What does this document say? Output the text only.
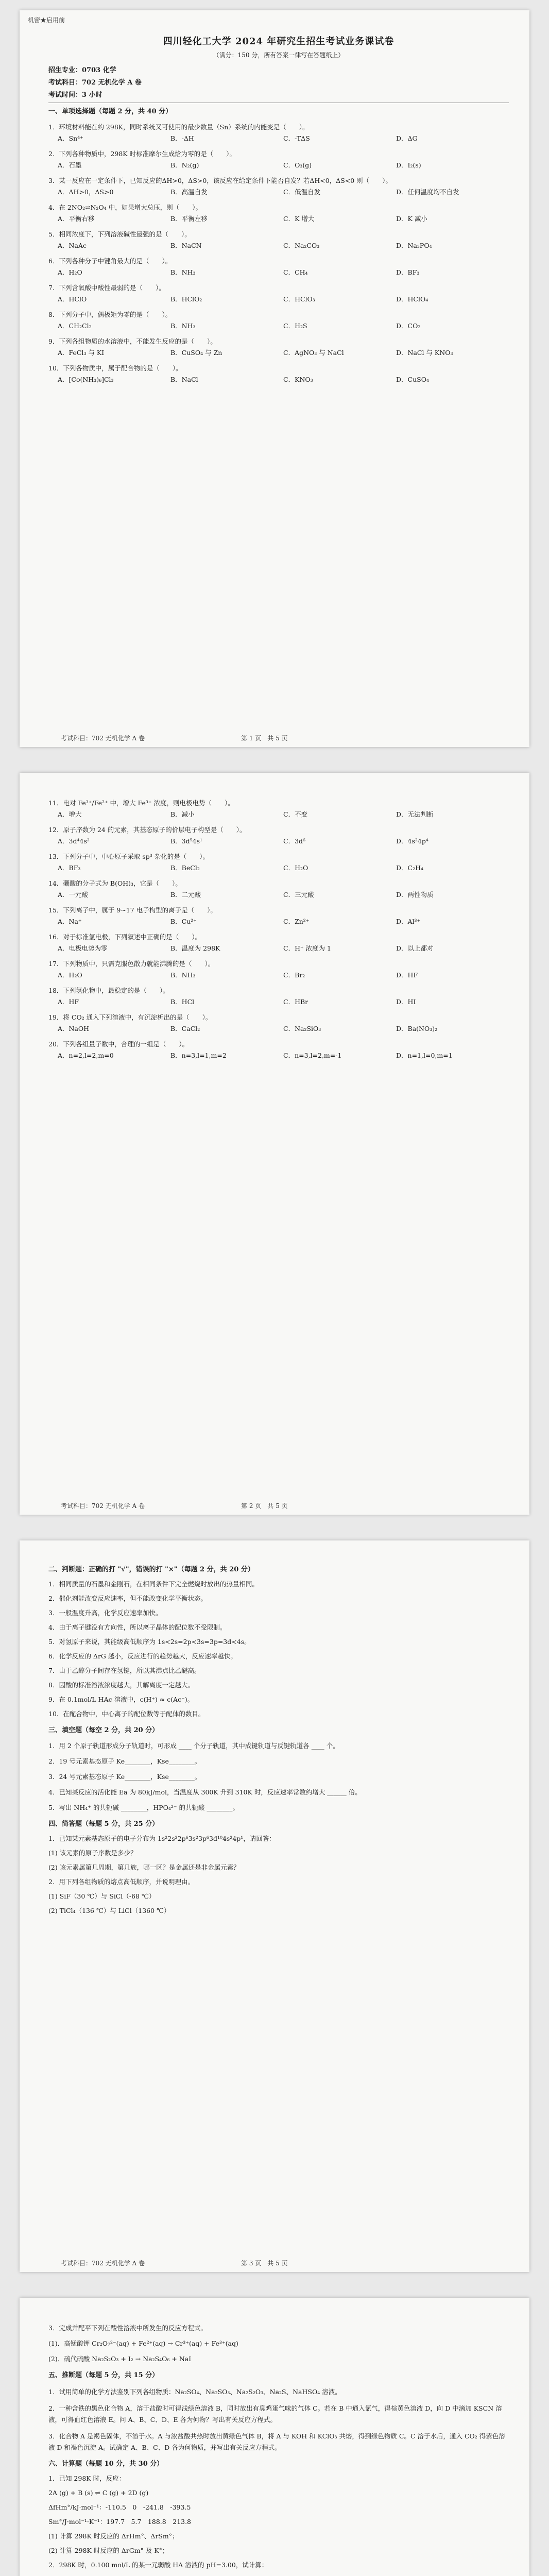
机密★启用前
四川轻化工大学 2024 年研究生招生考试业务课试卷
（满分：150 分，所有答案一律写在答题纸上）
招生专业：0703 化学
考试科目：702 无机化学 A 卷
考试时间：3 小时
一、单项选择题（每题 2 分，共 40 分）
1．环境材料能在约 298K，同时系统又可使用的最少数量（Sn）系统的内能变是（　　）。
A．Sn⁴⁺	B．-ΔH	C．-TΔS	D．ΔG
2．下列各种物质中，298K 时标准摩尔生成焓为零的是（　　）。
A．石墨	B．N₂(g)	C．O₃(g)	D．I₂(s)
3．某一反应在一定条件下，已知反应的ΔH>0，ΔS>0，该反应在给定条件下能否自发？若ΔH<0，ΔS<0 则（　　）。
A．ΔH>0，ΔS>0	B．高温自发	C．低温自发	D．任何温度均不自发
4．在 2NO₂⇌N₂O₄ 中，如果增大总压，则（　　）。
A．平衡右移	B．平衡左移	C．K 增大	D．K 减小
5．相同浓度下，下列溶液碱性最强的是（　　）。
A．NaAc	B．NaCN	C．Na₂CO₃	D．Na₃PO₄
6．下列各种分子中键角最大的是（　　）。
A．H₂O	B．NH₃	C．CH₄	D．BF₃
7．下列含氧酸中酸性最弱的是（　　）。
A．HClO	B．HClO₂	C．HClO₃	D．HClO₄
8．下列分子中，偶极矩为零的是（　　）。
A．CH₂Cl₂	B．NH₃	C．H₂S	D．CO₂
9．下列各组物质的水溶液中，不能发生反应的是（　　）。
A．FeCl₃ 与 KI	B．CuSO₄ 与 Zn	C．AgNO₃ 与 NaCl	D．NaCl 与 KNO₃
10．下列各物质中，属于配合物的是（　　）。
A．[Co(NH₃)₆]Cl₃	B．NaCl	C．KNO₃	D．CuSO₄
考试科目：702 无机化学 A 卷	第 1 页　共 5 页
11．电对 Fe³⁺/Fe²⁺ 中，增大 Fe³⁺ 浓度，则电极电势（　　）。
A．增大	B．减小	C．不变	D．无法判断
12．原子序数为 24 的元素，其基态原子的价层电子构型是（　　）。
A．3d⁴4s²	B．3d⁵4s¹	C．3d⁶	D．4s²4p⁴
13．下列分子中，中心原子采取 sp³ 杂化的是（　　）。
A．BF₃	B．BeCl₂	C．H₂O	D．C₂H₄
14．硼酸的分子式为 B(OH)₃，它是（　　）。
A．一元酸	B．二元酸	C．三元酸	D．两性物质
15．下列离子中，属于 9~17 电子构型的离子是（　　）。
A．Na⁺	B．Cu²⁺	C．Zn²⁺	D．Al³⁺
16．对于标准氢电极，下列叙述中正确的是（　　）。
A．电极电势为零	B．温度为 298K	C．H⁺ 浓度为 1	D．以上都对
17．下列物质中，只需克服色散力就能沸腾的是（　　）。
A．H₂O	B．NH₃	C．Br₂	D．HF
18．下列氢化物中，最稳定的是（　　）。
A．HF	B．HCl	C．HBr	D．HI
19．将 CO₂ 通入下列溶液中，有沉淀析出的是（　　）。
A．NaOH	B．CaCl₂	C．Na₂SiO₃	D．Ba(NO₃)₂
20．下列各组量子数中，合理的一组是（　　）。
A．n=2,l=2,m=0	B．n=3,l=1,m=2	C．n=3,l=2,m=-1	D．n=1,l=0,m=1
考试科目：702 无机化学 A 卷	第 2 页　共 5 页
二、判断题：正确的打 "√"，错误的打 "×"（每题 2 分，共 20 分）
1．相同质量的石墨和金刚石，在相同条件下完全燃烧时放出的热量相同。
2．催化剂能改变反应速率，但不能改变化学平衡状态。
3．一般温度升高，化学反应速率加快。
4．由于离子键没有方向性，所以离子晶体的配位数不受限制。
5．对氢原子来说，其能级高低顺序为 1s<2s=2p<3s=3p=3d<4s。
6．化学反应的 ΔrG 越小，反应进行的趋势越大，反应速率越快。
7．由于乙醇分子间存在氢键，所以其沸点比乙醚高。
8．因酸的标准溶液浓度越大，其解离度一定越大。
9．在 0.1mol/L HAc 溶液中，c(H⁺) ≈ c(Ac⁻)。
10．在配合物中，中心离子的配位数等于配体的数目。
三、填空题（每空 2 分，共 20 分）
1．用 2 个原子轨道形成分子轨道时，可形成 ____ 个分子轨道，其中成键轨道与反键轨道各 ____ 个。
2．19 号元素基态原子 Ke________，Kse________。
3．24 号元素基态原子 Ke________，Kse________。
4．已知某反应的活化能 Ea 为 80kJ/mol，当温度从 300K 升到 310K 时，反应速率常数约增大 ______ 倍。
5．写出 NH₄⁺ 的共轭碱 ________，HPO₄²⁻ 的共轭酸 ________。
四、简答题（每题 5 分，共 25 分）
1．已知某元素基态原子的电子分布为 1s²2s²2p⁶3s²3p⁶3d¹⁰4s²4p¹，请回答：
(1) 该元素的原子序数是多少？
(2) 该元素属第几周期，第几族，哪一区？是金属还是非金属元素？
2．用下列各组物质的熔点高低顺序，并说明理由。
(1) SiF（30 ℃）与 SiCl（-68 ℃）
(2) TiCl₄（136 ℃）与 LiCl（1360 ℃）
考试科目：702 无机化学 A 卷	第 3 页　共 5 页
3．完成并配平下列在酸性溶液中所发生的反应方程式。
(1)．高锰酸钾 Cr₂O₇²⁻(aq) + Fe²⁺(aq) → Cr³⁺(aq) + Fe³⁺(aq)
(2)．硫代硫酸 Na₂S₂O₃ + I₂ → Na₂S₄O₆ + NaI
五、推断题（每题 5 分，共 15 分）
1．试用简单的化学方法鉴别下列各组物质：Na₂SO₄、Na₂SO₃、Na₂S₂O₃、Na₂S、NaHSO₄ 溶液。
2．一种含铁的黑色化合物 A，溶于盐酸时可得浅绿色溶液 B，同时放出有臭鸡蛋气味的气体 C。若在 B 中通入氯气，得棕黄色溶液 D，向 D 中滴加 KSCN 溶液，可得血红色溶液 E。问 A、B、C、D、E 各为何物？写出有关反应方程式。
3．化合物 A 是褐色固体，不溶于水。A 与浓盐酸共热时放出黄绿色气体 B，将 A 与 KOH 和 KClO₃ 共熔，得到绿色物质 C。C 溶于水后，通入 CO₂ 得紫色溶液 D 和褐色沉淀 A。试确定 A、B、C、D 各为何物质，并写出有关反应方程式。
六、计算题（每题 10 分，共 30 分）
1．已知 298K 时，反应：
2A (g) + B (s) ⇌ C (g) + 2D (g)
ΔfHm°/kJ·mol⁻¹：-110.5　0　-241.8　-393.5
Sm°/J·mol⁻¹·K⁻¹：197.7　5.7　188.8　213.8
(1) 计算 298K 时反应的 ΔrHm°、ΔrSm°；
(2) 计算 298K 时反应的 ΔrGm° 及 K°；
2．298K 时，0.100 mol/L 的某一元弱酸 HA 溶液的 pH=3.00，试计算：
